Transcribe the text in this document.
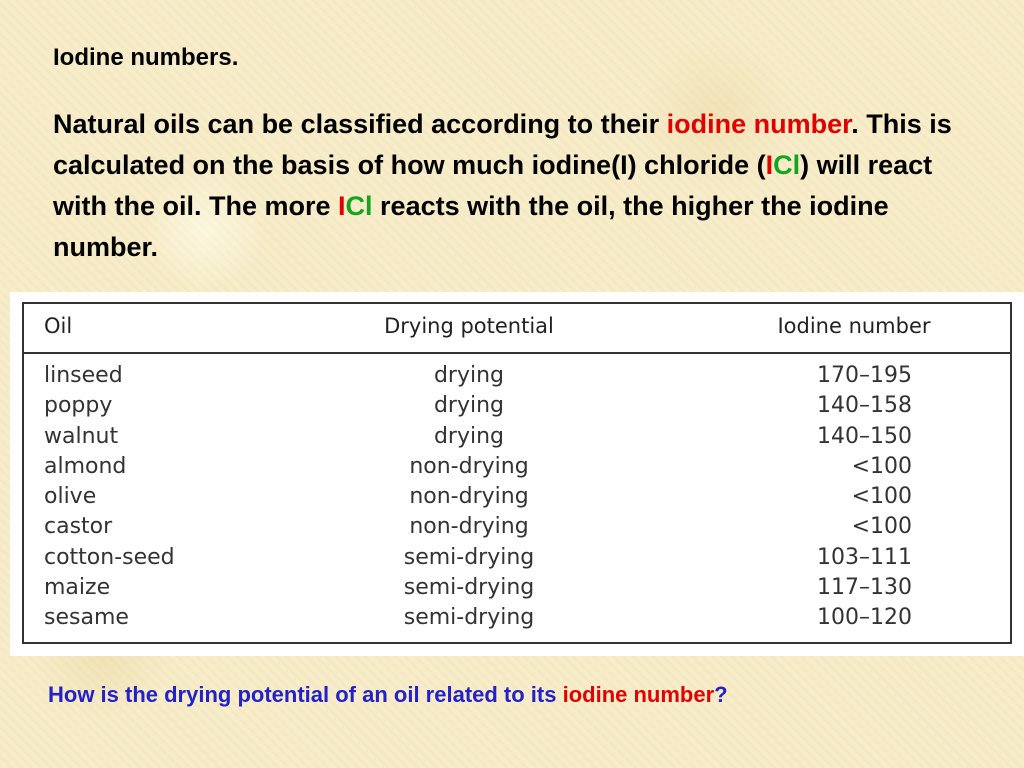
Iodine numbers.

Natural oils can be classified according to their iodine number. This is calculated on the basis of how much iodine(I) chloride (ICl) will react with the oil. The more ICl reacts with the oil, the higher the iodine number.

Oil	Drying potential	Iodine number
linseed	drying	170–195
poppy	drying	140–158
walnut	drying	140–150
almond	non-drying	<100
olive	non-drying	<100
castor	non-drying	<100
cotton-seed	semi-drying	103–111
maize	semi-drying	117–130
sesame	semi-drying	100–120

How is the drying potential of an oil related to its iodine number?
